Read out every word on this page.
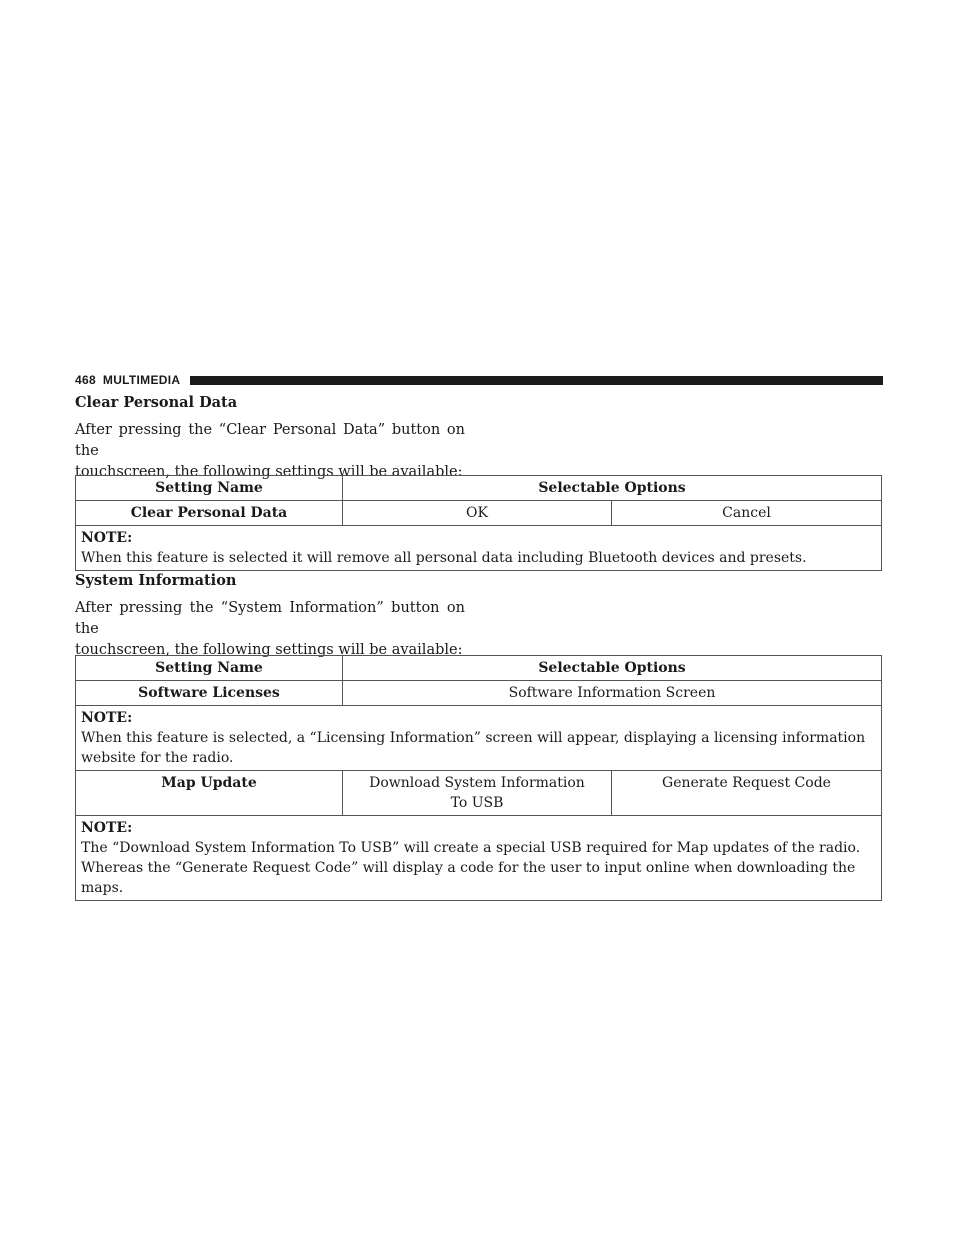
468 MULTIMEDIA
Clear Personal Data
After pressing the “Clear Personal Data” button on the
touchscreen, the following settings will be available:
Setting Name	Selectable Options	
Clear Personal Data	OK	Cancel

NOTE:
When this feature is selected it will remove all personal data including Bluetooth devices and presets.		
System Information
After pressing the “System Information” button on the
touchscreen, the following settings will be available:
Setting Name	Selectable Options	
Software Licenses	Software Information Screen	

NOTE:
When this feature is selected, a “Licensing Information” screen will appear, displaying a licensing information website for the radio.		
Map Update	Download System Information To USB	Generate Request Code

NOTE:
The “Download System Information To USB” will create a special USB required for Map updates of the radio.
Whereas the “Generate Request Code” will display a code for the user to input online when downloading the maps.		
